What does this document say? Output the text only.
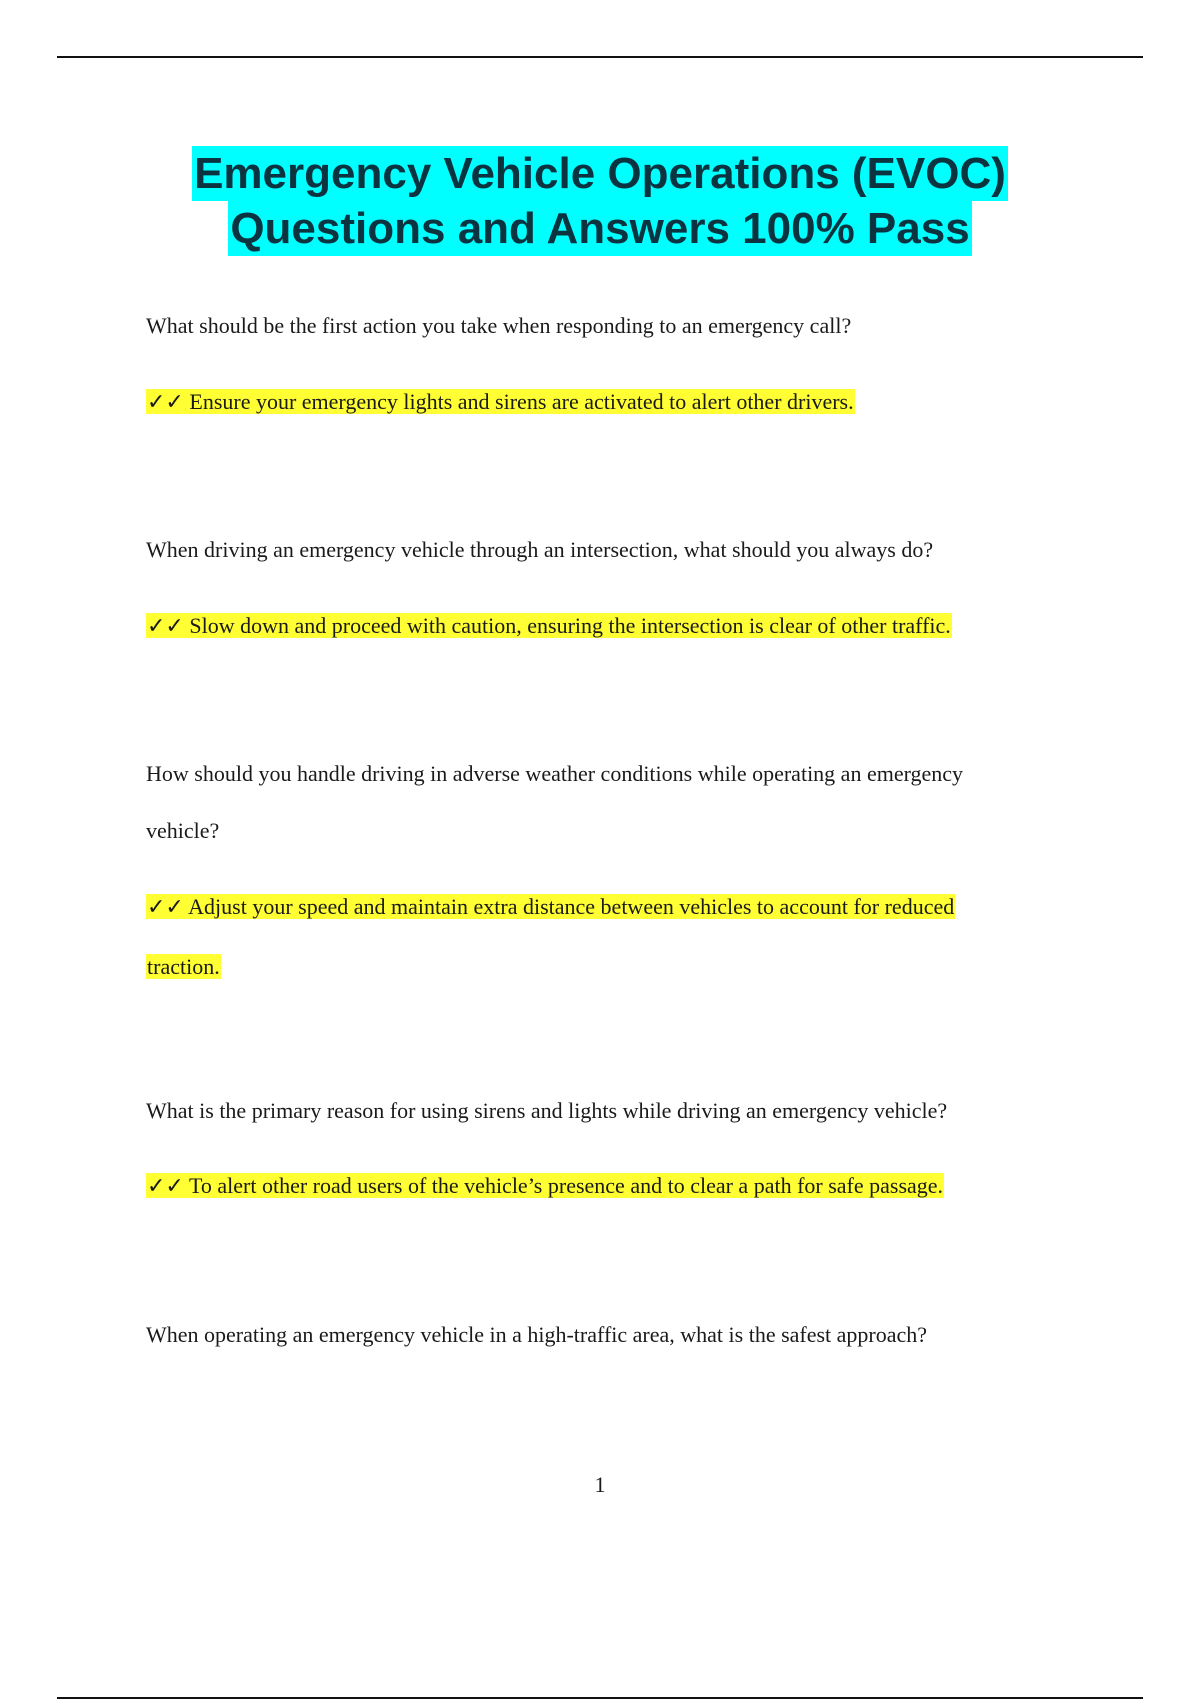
Emergency Vehicle Operations (EVOC)
Questions and Answers 100% Pass
What should be the first action you take when responding to an emergency call?
✓✓ Ensure your emergency lights and sirens are activated to alert other drivers.
When driving an emergency vehicle through an intersection, what should you always do?
✓✓ Slow down and proceed with caution, ensuring the intersection is clear of other traffic.
How should you handle driving in adverse weather conditions while operating an emergency
vehicle?
✓✓ Adjust your speed and maintain extra distance between vehicles to account for reduced
traction.
What is the primary reason for using sirens and lights while driving an emergency vehicle?
✓✓ To alert other road users of the vehicle’s presence and to clear a path for safe passage.
When operating an emergency vehicle in a high-traffic area, what is the safest approach?
1
